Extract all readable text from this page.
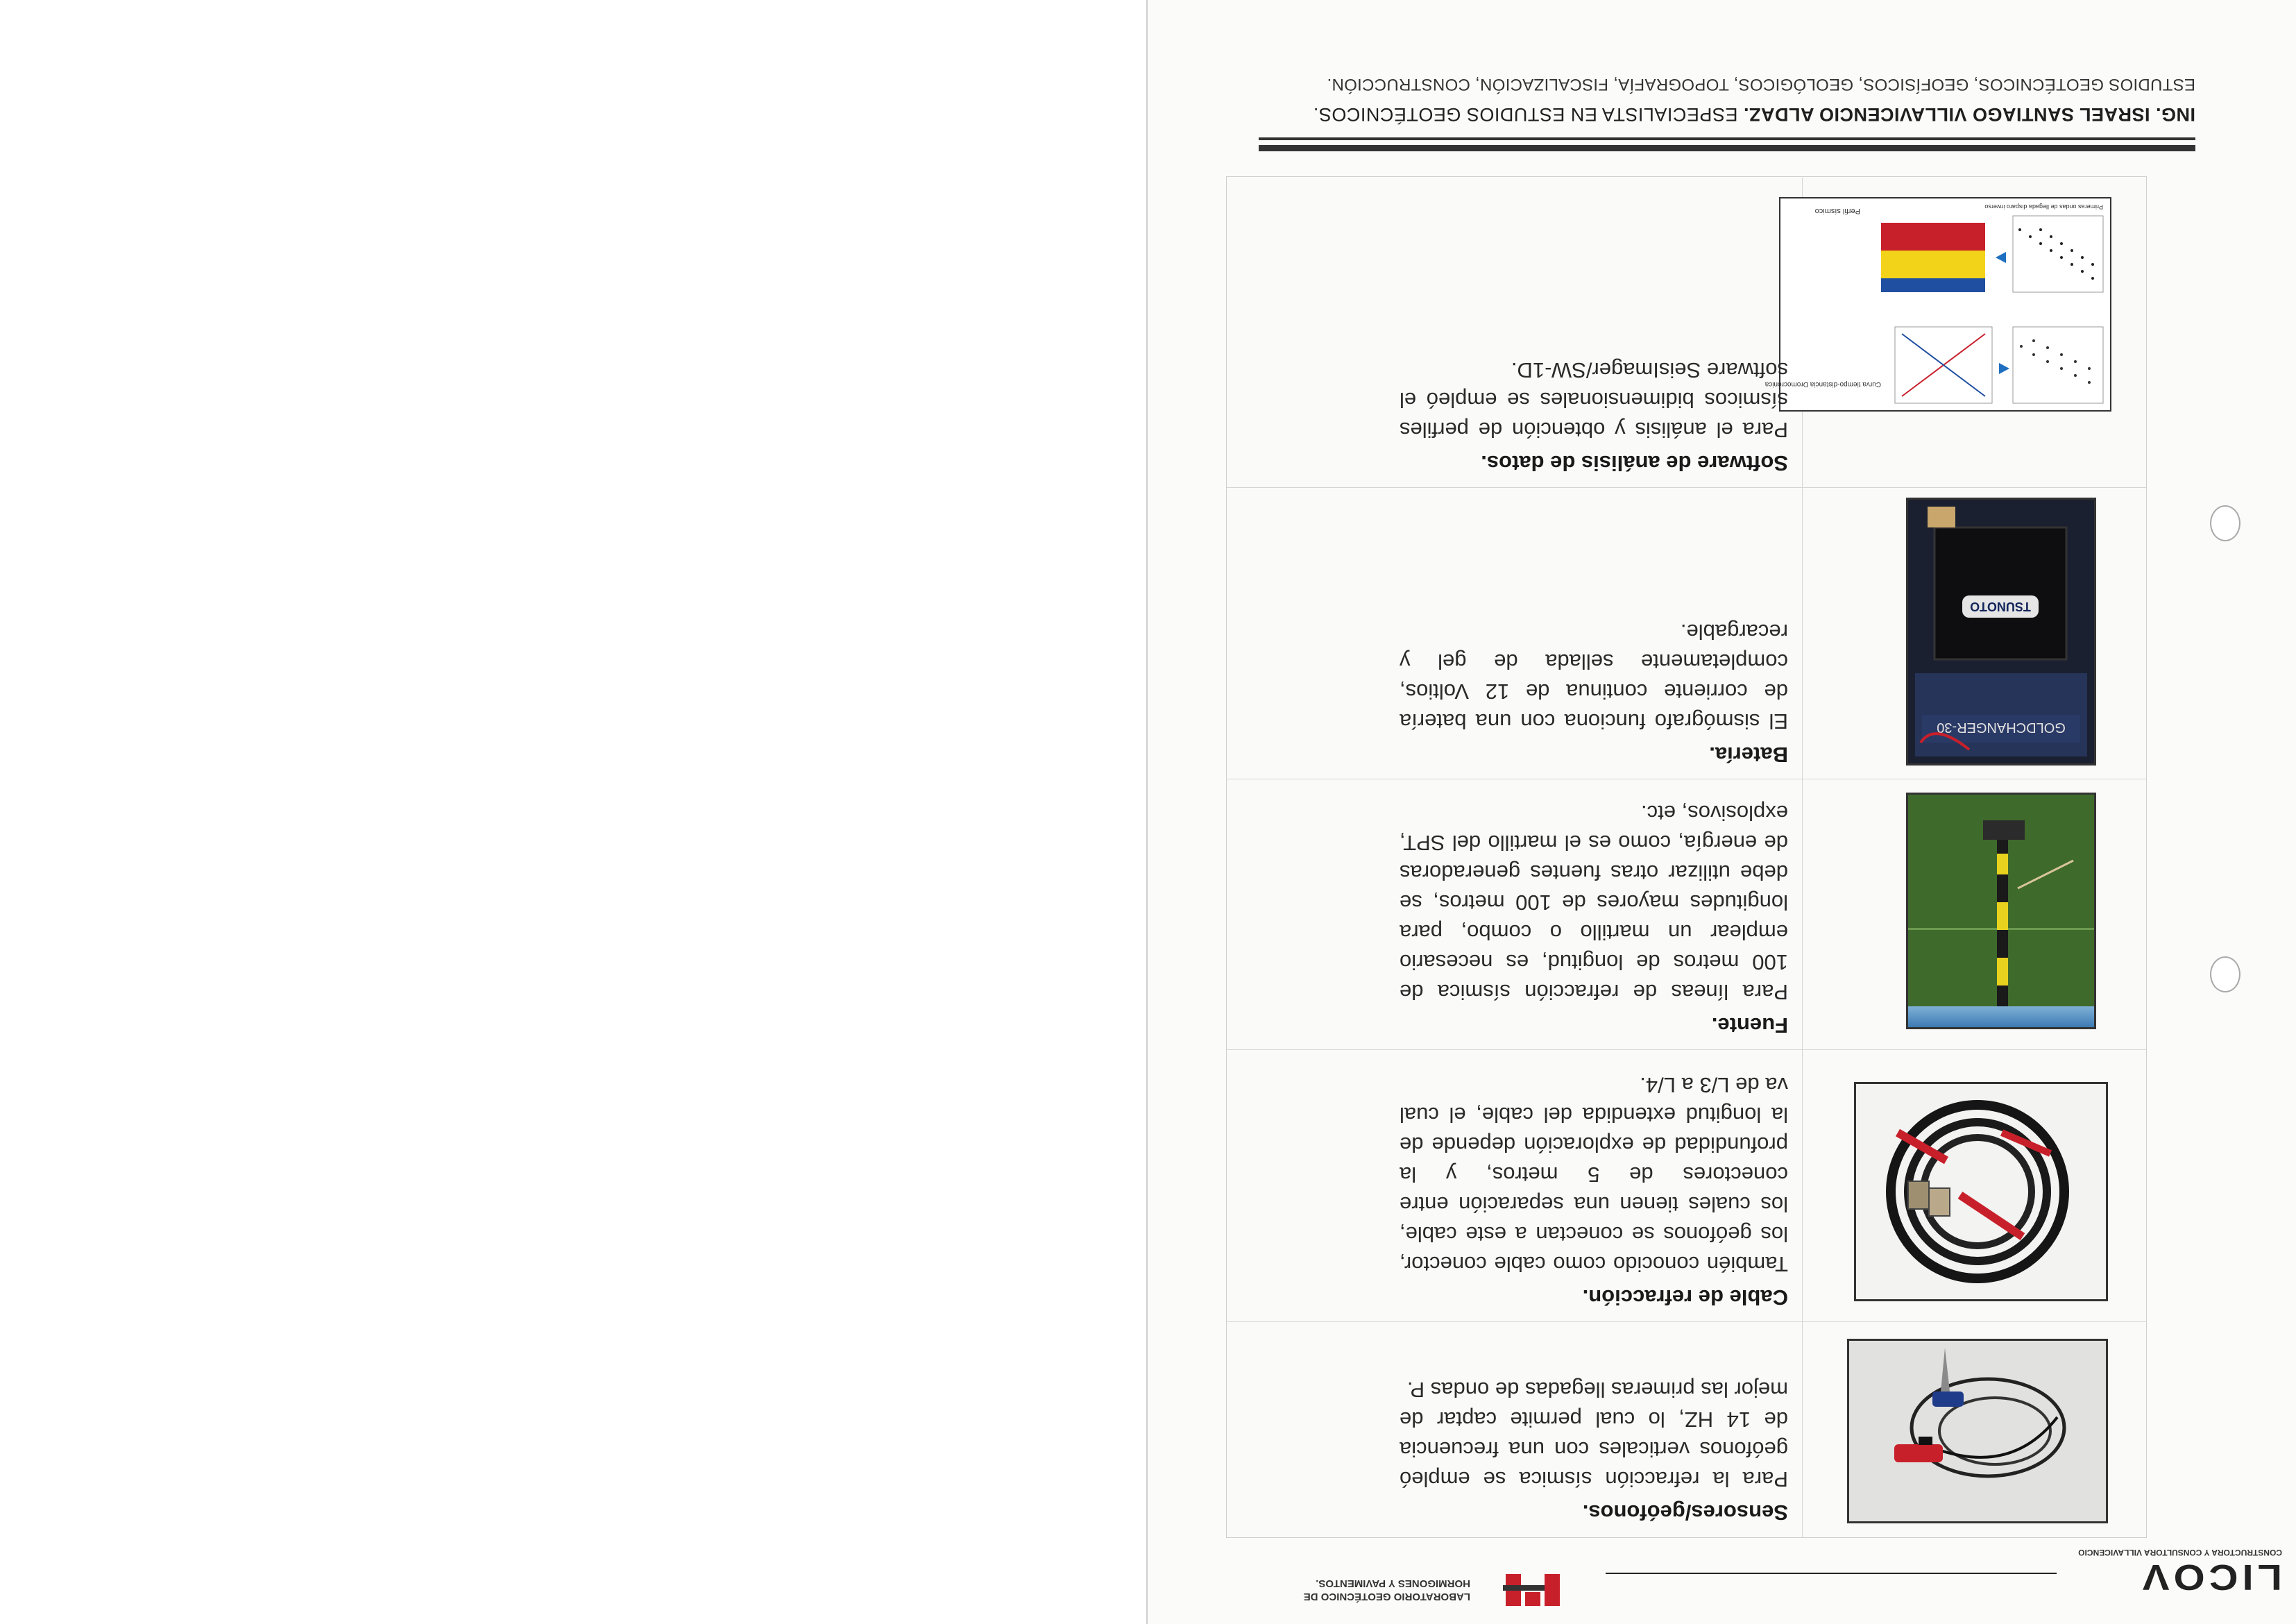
LICOV
CONSTRUCTORA Y CONSULTORA VILLAVICENCIO
LABORATORIO GEOTÉCNICO DE HORMIGONES Y PAVIMENTOS.
Sensores/geófonos.
Para la refracción sísmica se empleó geófonos verticales con una frecuencia de 14 HZ, lo cual permite captar de mejor las primeras llegadas de ondas P.
Cable de refracción.
También conocido como cable conector, los geófonos se conectan a este cable, los cuales tienen una separación entre conectores de 5 metros, y la profundidad de exploración depende de la longitud extendida del cable, el cual va de L/3 a L/4.
Fuente.
Para líneas de refracción sísmica de 100 metros de longitud, es necesario emplear un martillo o combo, para longitudes mayores de 100 metros, se debe utilizar otras fuentes generadoras de energía, como es el martillo del SPT, explosivos, etc.
TSUNOTO
GOLDCHANGER-30
Batería.
El sismógrafo funciona con una batería de corriente continua de 12 Voltios, completamente sellada de gel y recargable.
Curva tiempo-distancia Dromocrónica
Primeras ondas de llegada disparo inverso
Perfil sísmico
Software de análisis de datos.
Para el análisis y obtención de perfiles sísmicos bidimensionales se empleó el software SeisImager/SW-1D.
ING. ISRAEL SANTIAGO VILLAVICENCIO ALDAZ. ESPECIALISTA EN ESTUDIOS GEOTÉCNICOS.
ESTUDIOS GEOTÉCNICOS, GEOFÍSICOS, GEOLÓGICOS, TOPOGRAFÍA, FISCALIZACIÓN, CONSTRUCCIÓN.
